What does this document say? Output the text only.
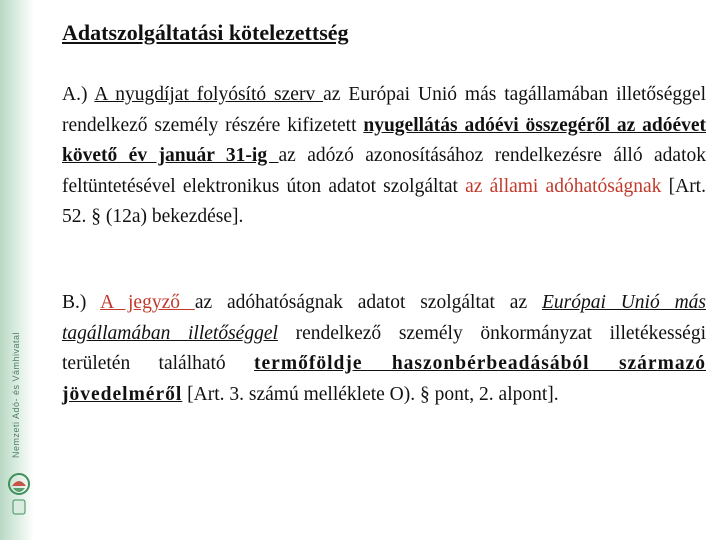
Nemzeti Adó- és Vámhivatal
Adatszolgáltatási kötelezettség

A.) A nyugdíjat folyósító szerv az Európai Unió más tagállamában illetőséggel rendelkező személy részére kifizetett nyugellátás adóévi összegéről az adóévet követő év január 31-ig az adózó azonosításához rendelkezésre álló adatok feltüntetésével elektronikus úton adatot szolgáltat az állami adóhatóságnak [Art. 52. § (12a) bekezdése].

B.) A jegyző az adóhatóságnak adatot szolgáltat az Európai Unió más tagállamában illetőséggel rendelkező személy önkormányzat illetékességi területén található termőföldje haszonbérbeadásából származó jövedelméről [Art. 3. számú melléklete O). § pont, 2. alpont].
